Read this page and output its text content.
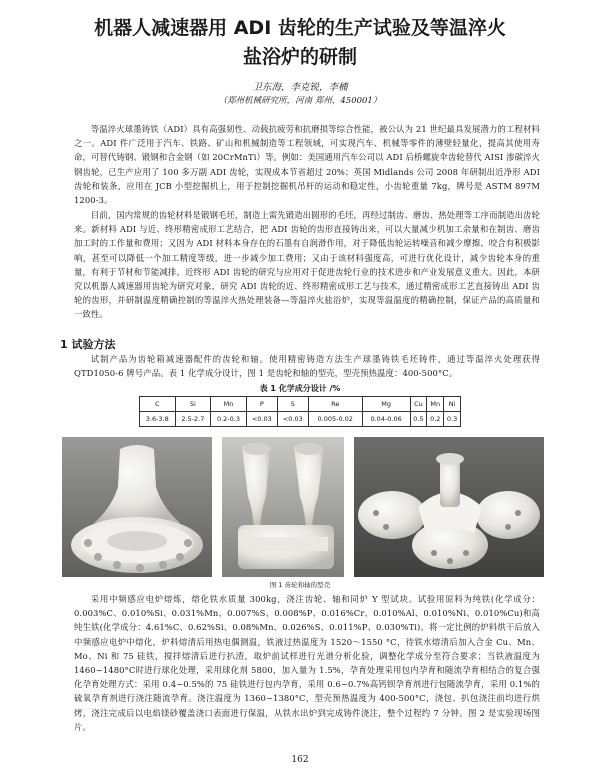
机器人减速器用 ADI 齿轮的生产试验及等温淬火
盐浴炉的研制
卫东海，李克锐，李楠
（郑州机械研究所，河南 郑州，450001）

等温淬火球墨铸铁（ADI）具有高强韧性、动载抗疲劳和抗磨损等综合性能，被公认为 21 世纪最具发展潜力的工程材料之一。ADI 件广泛用于汽车、铁路、矿山和机械制造等工程领域，可实现汽车、机械等零件的薄壁轻量化，提高其使用寿命，可替代铸钢、锻钢和合金钢（如 20CrMnTi）等。例如：美国通用汽车公司以 ADI 后桥螺旋伞齿轮替代 AISI 渗碳淬火钢齿轮，已生产应用了 100 多万副 ADI 齿轮，实现成本节省超过 20%；英国 Midlands 公司 2008 年研制出近净形 ADI 齿轮和装条，应用在 JCB 小型挖掘机上，用于控制挖掘机吊杆的运动和稳定性，小齿轮重量 7kg，牌号是 ASTM 897M 1200-3。

目前，国内常规的齿轮材料是锻钢毛坯，制造上需先锻造出圆形的毛坯，再经过制齿、磨齿、热处理等工序而制造出齿轮来。新材料 ADI 与近、终形精密成形工艺结合，把 ADI 齿轮的齿形直接铸出来，可以大量减少机加工余量和在制齿、磨齿加工时的工作量和费用；又因为 ADI 材料本身存在的石墨有自润滑作用，对于降低齿轮运转噪音和减少摩擦、咬合有积极影响，甚至可以降低一个加工精度等级，进一步减少加工费用；又由于该材料强度高，可进行优化设计，减少齿轮本身的重量，有利于节材和节能减排。近终形 ADI 齿轮的研究与应用对于促进齿轮行业的技术进步和产业发展意义重大。因此，本研究以机器人减速器用齿轮为研究对象，研究 ADI 齿轮的近、终形精密成形工艺与技术，通过精密成形工艺直接铸出 ADI 齿轮的齿形，并研制温度精确控制的等温淬火热处理装备—等温淬火盐浴炉，实现等温温度的精确控制，保证产品的高质量和一致性。

1 试验方法

试制产品为齿轮箱减速器配件的齿轮和轴。使用精密铸造方法生产球墨铸铁毛坯铸件，通过等温淬火处理获得 QTD1050-6 牌号产品。表 1 化学成分设计，图 1 是齿轮和轴的型壳，型壳预热温度：400-500°C。

表 1 化学成分设计 /%
C	Si	Mn	P	S	Re	Mg	Cu	Mn	Ni
3.6-3.8	2.5-2.7	0.2-0.3	<0.03	<0.03	0.005-0.02	0.04-0.06	0.5	0.2	0.3
图 1 齿轮和轴的型壳

采用中频感应电炉熔炼，熔化铁水质量 300kg，浇注齿轮、轴和同炉 Y 型试块。试验用原料为纯铁(化学成分：0.003%C、0.010%Si、0.031%Mn、0.007%S、0.008%P、0.016%Cr、0.010%Al、0.010%Ni、0.010%Cu)和高纯生铁(化学成分：4.61%C、0.62%Si、0.08%Mn、0.026%S、0.011%P、0.030%Ti)。将一定比例的炉料烘干后放入中频感应电炉中熔化，炉料熔清后用热电偶测温，铁液过热温度为 1520～1550 °C，待铁水熔清后加入合金 Cu、Mn、Mo、Ni 和 75 硅铁，搅拌熔清后进行扒渣，取炉前试样进行光谱分析化验，调整化学成分至符合要求；当铁液温度为 1460~1480°C时进行球化处理，采用球化剂 5800，加入量为 1.5%，孕育处理采用包内孕育和随流孕育相结合的复合强化孕育处理方式：采用 0.4~0.5%的 75 硅铁进行包内孕育，采用 0.6~0.7%高钙钡孕育剂进行包随流孕育，采用 0.1%的硫氧孕育剂进行浇注随流孕育。浇注温度为 1360~1380°C，型壳预热温度为 400-500°C，浇包、扒包浇注前均进行烘烤，浇注完成后以电焰镁砂覆盖浇口表面进行保温，从铁水出炉到完成铸件浇注，整个过程约 7 分钟。图 2 是实验现场图片。

162
